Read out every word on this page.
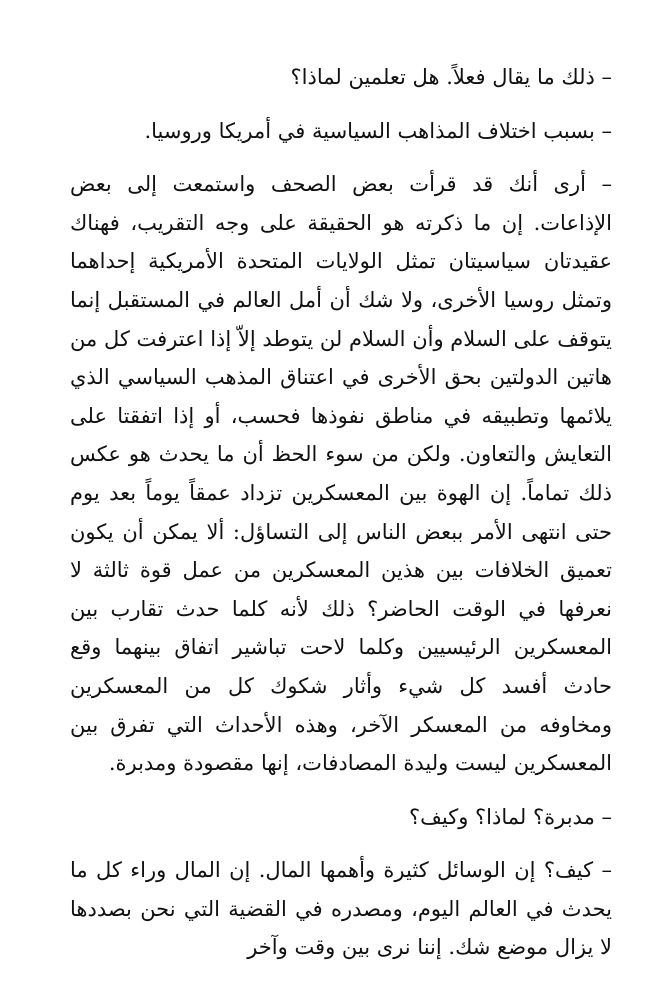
– ذلك ما يقال فعلاً. هل تعلمين لماذا؟

– بسبب اختلاف المذاهب السياسية في أمريكا وروسيا.

– أرى أنك قد قرأت بعض الصحف واستمعت إلى بعض الإذاعات. إن ما ذكرته هو الحقيقة على وجه التقريب، فهناك عقيدتان سياسيتان تمثل الولايات المتحدة الأمريكية إحداهما وتمثل روسيا الأخرى، ولا شك أن أمل العالم في المستقبل إنما يتوقف على السلام وأن السلام لن يتوطد إلاّ إذا اعترفت كل من هاتين الدولتين بحق الأخرى في اعتناق المذهب السياسي الذي يلائمها وتطبيقه في مناطق نفوذها فحسب، أو إذا اتفقتا على التعايش والتعاون. ولكن من سوء الحظ أن ما يحدث هو عكس ذلك تماماً. إن الهوة بين المعسكرين تزداد عمقاً يوماً بعد يوم حتى انتهى الأمر ببعض الناس إلى التساؤل: ألا يمكن أن يكون تعميق الخلافات بين هذين المعسكرين من عمل قوة ثالثة لا نعرفها في الوقت الحاضر؟ ذلك لأنه كلما حدث تقارب بين المعسكرين الرئيسيين وكلما لاحت تباشير اتفاق بينهما وقع حادث أفسد كل شيء وأثار شكوك كل من المعسكرين ومخاوفه من المعسكر الآخر، وهذه الأحداث التي تفرق بين المعسكرين ليست وليدة المصادفات، إنها مقصودة ومدبرة.

– مدبرة؟ لماذا؟ وكيف؟

– كيف؟ إن الوسائل كثيرة وأهمها المال. إن المال وراء كل ما يحدث في العالم اليوم، ومصدره في القضية التي نحن بصددها لا يزال موضع شك. إننا نرى بين وقت وآخر
